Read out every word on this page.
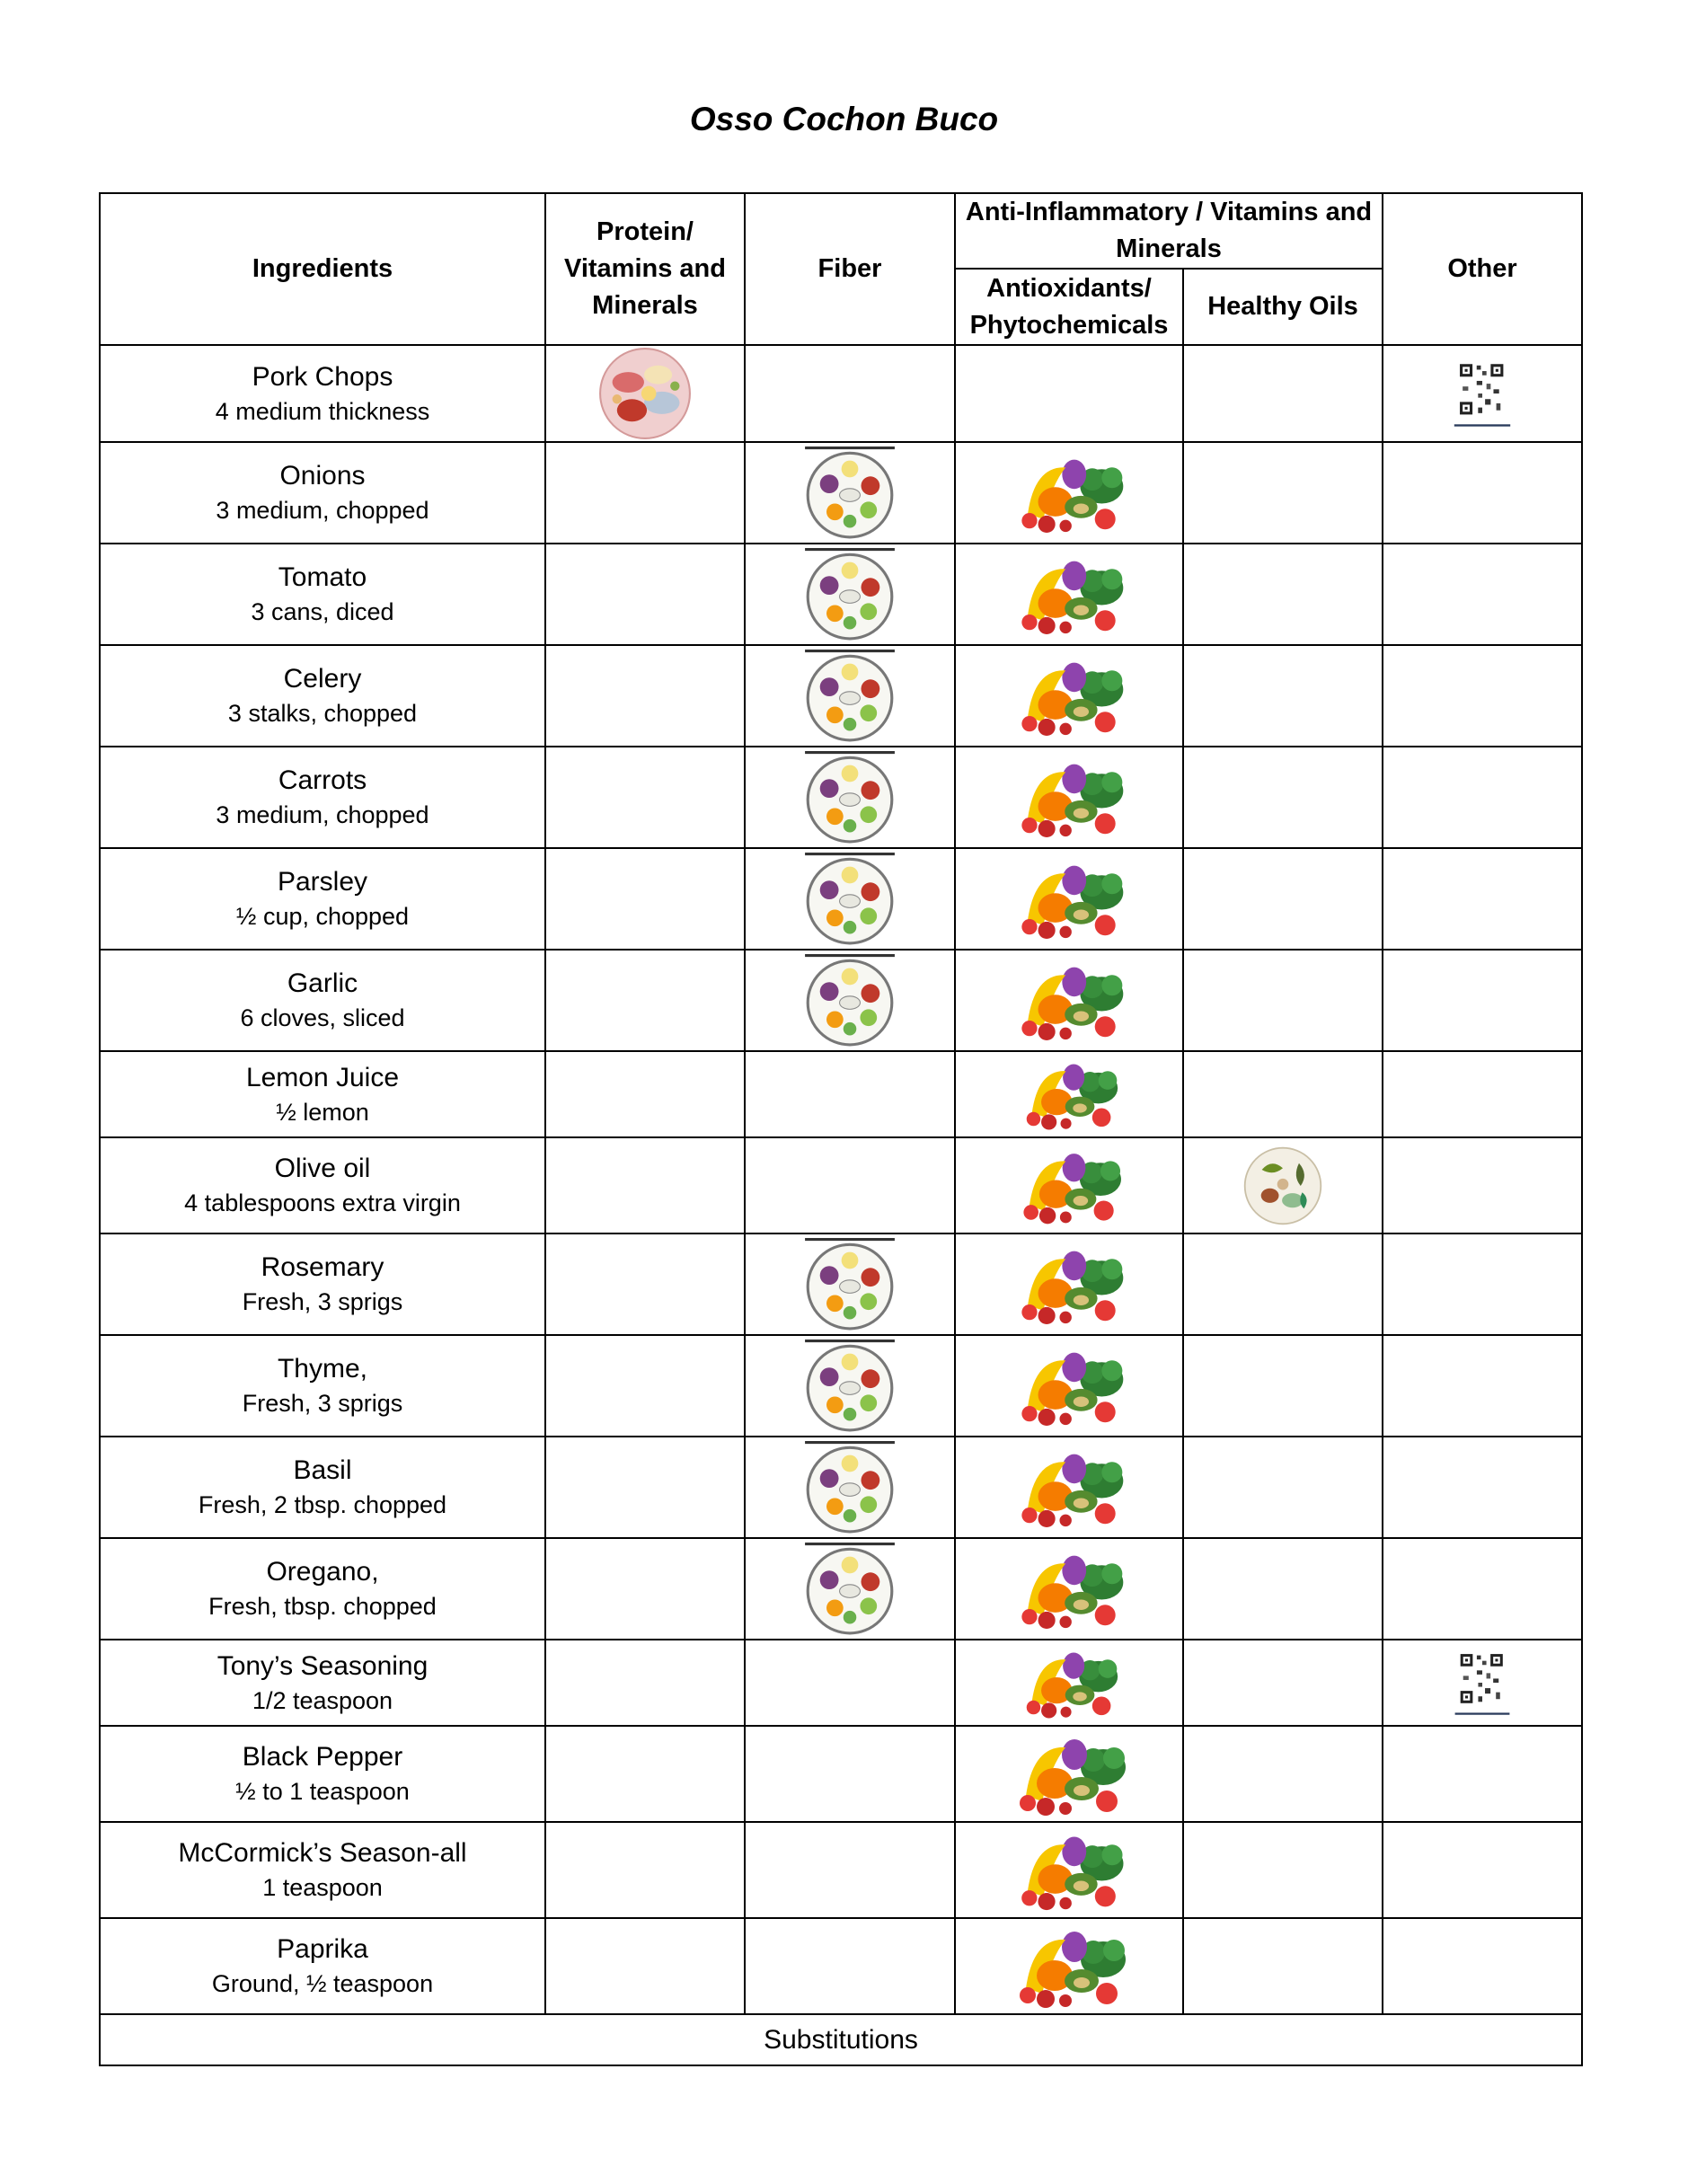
Osso Cochon Buco
Ingredients	Protein/ Vitamins and Minerals	Fiber	Anti-Inflammatory / Vitamins and Minerals		Other
			Antioxidants/ Phytochemicals	Healthy Oils	

Pork Chops
4 medium thickness

Onions
3 medium, chopped

Tomato
3 cans, diced

Celery
3 stalks, chopped

Carrots
3 medium, chopped

Parsley
½ cup, chopped

Garlic
6 cloves, sliced

Lemon Juice
½ lemon

Olive oil
4 tablespoons extra virgin

Rosemary
Fresh, 3 sprigs

Thyme,
Fresh, 3 sprigs

Basil
Fresh, 2 tbsp. chopped

Oregano,
Fresh, tbsp. chopped

Tony’s Seasoning
1/2 teaspoon

Black Pepper
½ to 1 teaspoon

McCormick’s Season-all
1 teaspoon

Paprika
Ground, ½ teaspoon

Substitutions					
